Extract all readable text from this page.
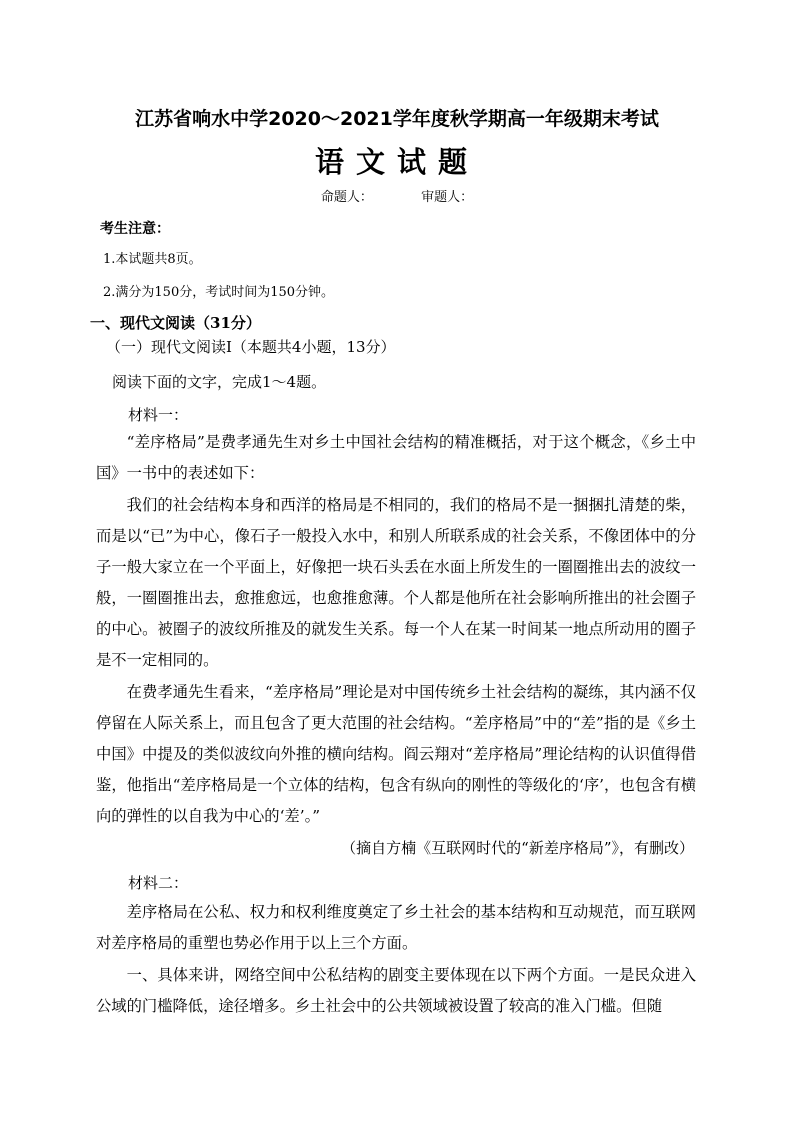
江苏省响水中学2020～2021学年度秋学期高一年级期末考试
语文试题
命题人：	审题人：
考生注意：
1.本试题共8页。
2.满分为150分，考试时间为150分钟。
一、现代文阅读（31分）
（一）现代文阅读Ⅰ（本题共4小题，13分）
阅读下面的文字，完成1～4题。
材料一：
“差序格局”是费孝通先生对乡土中国社会结构的精准概括，对于这个概念，《乡土中国》一书中的表述如下：
我们的社会结构本身和西洋的格局是不相同的，我们的格局不是一捆捆扎清楚的柴，而是以“已”为中心，像石子一般投入水中，和别人所联系成的社会关系，不像团体中的分子一般大家立在一个平面上，好像把一块石头丢在水面上所发生的一圈圈推出去的波纹一般，一圈圈推出去，愈推愈远，也愈推愈薄。个人都是他所在社会影响所推出的社会圈子的中心。被圈子的波纹所推及的就发生关系。每一个人在某一时间某一地点所动用的圈子是不一定相同的。
在费孝通先生看来，“差序格局”理论是对中国传统乡土社会结构的凝练，其内涵不仅停留在人际关系上，而且包含了更大范围的社会结构。“差序格局”中的“差”指的是《乡土中国》中提及的类似波纹向外推的横向结构。阎云翔对“差序格局”理论结构的认识值得借鉴，他指出“差序格局是一个立体的结构，包含有纵向的刚性的等级化的‘序’，也包含有横向的弹性的以自我为中心的‘差’。”
（摘自方楠《互联网时代的“新差序格局”》，有删改）
材料二：
差序格局在公私、权力和权利维度奠定了乡土社会的基本结构和互动规范，而互联网对差序格局的重塑也势必作用于以上三个方面。
一、具体来讲，网络空间中公私结构的剧变主要体现在以下两个方面。一是民众进入公域的门槛降低，途径增多。乡土社会中的公共领域被设置了较高的准入门槛。但随
